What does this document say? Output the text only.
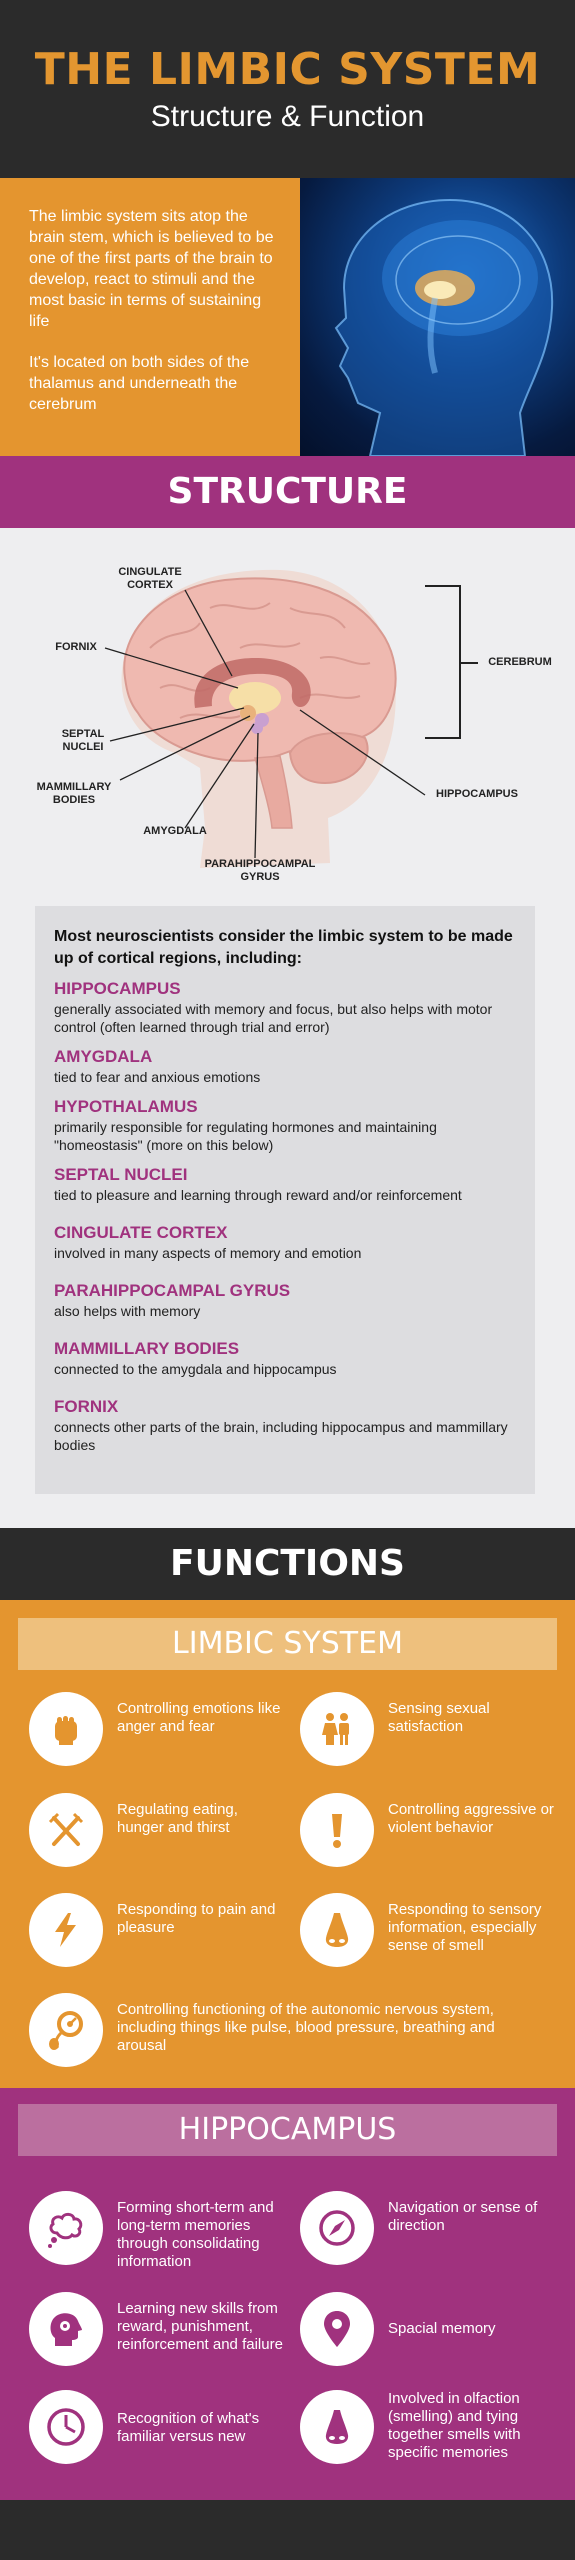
THE LIMBIC SYSTEM
Structure & Function

The limbic system sits atop the brain stem, which is believed to be one of the first parts of the brain to develop, react to stimuli and the most basic in terms of sustaining life

It's located on both sides of the thalamus and underneath the cerebrum

STRUCTURE
CINGULATE
CORTEX
FORNIX
SEPTAL
NUCLEI
MAMMILLARY
BODIES
AMYGDALA
PARAHIPPOCAMPAL
GYRUS
HIPPOCAMPUS
CEREBRUM
Most neuroscientists consider the limbic system to be made up of cortical regions, including:
HIPPOCAMPUS
generally associated with memory and focus, but also helps with motor control (often learned through trial and error)
AMYGDALA
tied to fear and anxious emotions
HYPOTHALAMUS
primarily responsible for regulating hormones and maintaining "homeostasis" (more on this below)
SEPTAL NUCLEI
tied to pleasure and learning through reward and/or reinforcement
CINGULATE CORTEX
involved in many aspects of memory and emotion
PARAHIPPOCAMPAL GYRUS
also helps with memory
MAMMILLARY BODIES
connected to the amygdala and hippocampus
FORNIX
connects other parts of the brain, including hippocampus and mammillary bodies
FUNCTIONS
LIMBIC SYSTEM
Controlling emotions like anger and fear
Sensing sexual satisfaction
Regulating eating, hunger and thirst
Controlling aggressive or violent behavior
Responding to pain and pleasure
Responding to sensory information, especially sense of smell
Controlling functioning of the autonomic nervous system, including things like pulse, blood pressure, breathing and arousal
HIPPOCAMPUS
Forming short-term and long-term memories through consolidating information
Navigation or sense of direction
Learning new skills from reward, punishment, reinforcement and failure
Spacial memory
Recognition of what's familiar versus new
Involved in olfaction (smelling) and tying together smells with specific memories
